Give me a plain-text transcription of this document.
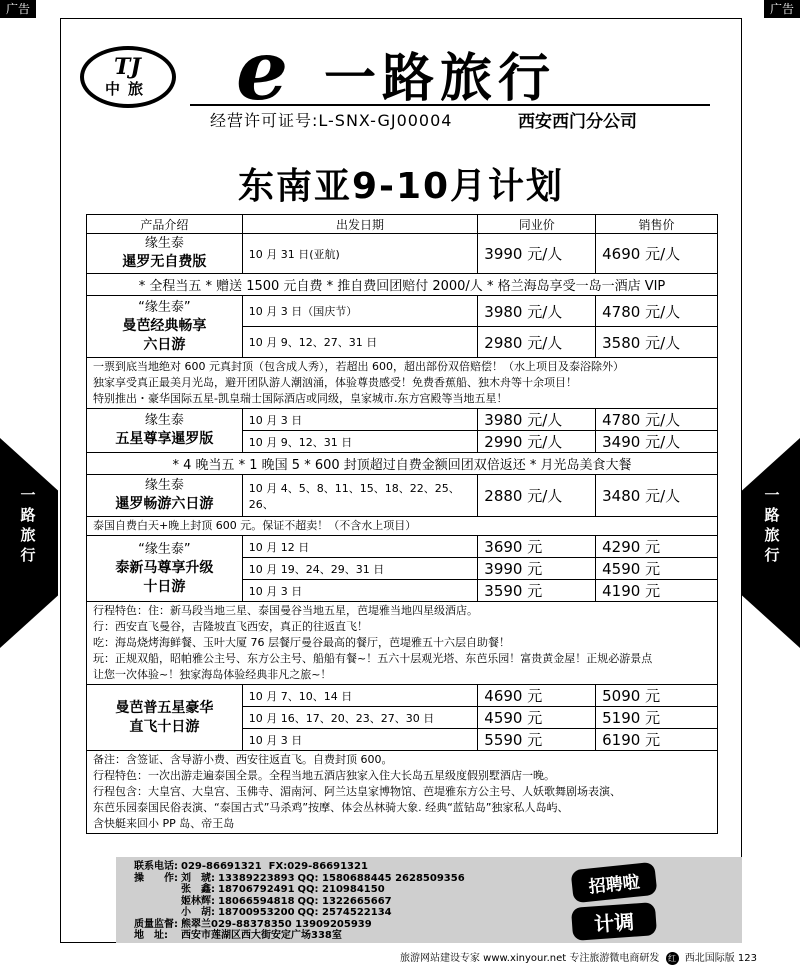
广告	广告
TJ
中旅 e 一路旅行
经营许可证号:L-SNX-GJ00004	西安西门分公司
东南亚9-10月计划
产品介绍	出发日期	同业价	销售价
缘生泰
暹罗无自费版	10 月 31 日(亚航)	3990 元/人	4690 元/人
* 全程当五 * 赠送 1500 元自费 * 推自费回团赔付 2000/人 * 格兰海岛享受一岛一酒店 VIP			
“缘生泰”
曼芭经典畅享
六日游	10 月 3 日（国庆节）	3980 元/人	4780 元/人
	10 月 9、12、27、31 日	2980 元/人	3580 元/人

一票到底当地绝对 600 元真封顶（包含成人秀），若超出 600，超出部份双倍赔偿！（水上项目及泰浴除外）
独家享受真正最美月光岛，避开团队游人潮汹涌，体验尊贵感受！免费香蕉船、独木舟等十余项目！
特别推出・豪华国际五星-凯皇瑞士国际酒店或同级，皇家城市.东方宫殿等当地五星！			

缘生泰
五星尊享暹罗版	10 月 3 日	3980 元/人	4780 元/人
	10 月 9、12、31 日	2990 元/人	3490 元/人
* 4 晚当五 * 1 晚国 5 * 600 封顶超过自费金额回团双倍返还 * 月光岛美食大餐			
缘生泰
暹罗畅游六日游	10 月 4、5、8、11、15、18、22、25、26、	2880 元/人	3480 元/人
泰国自费白天+晚上封顶 600 元。保证不超卖！（不含水上项目）			
“缘生泰”
泰新马尊享升级
十日游	10 月 12 日	3690 元	4290 元
	10 月 19、24、29、31 日	3990 元	4590 元
	10 月 3 日	3590 元	4190 元

行程特色：住：新马段当地三星、泰国曼谷当地五星，芭堤雅当地四星级酒店。
行：西安直飞曼谷，吉隆坡直飞西安，真正的往返直飞！
吃：海岛烧烤海鲜餐、玉叶大厦 76 层餐厅曼谷最高的餐厅，芭堤雅五十六层自助餐！
玩：正规双船，昭帕雅公主号、东方公主号、船船有餐~！五六十层观光塔、东芭乐园！富贵黄金屋！正规必游景点
让您一次体验~！独家海岛体验经典非凡之旅~！			

曼芭普五星豪华
直飞十日游	10 月 7、10、14 日	4690 元	5090 元
	10 月 16、17、20、23、27、30 日	4590 元	5190 元
	10 月 3 日	5590 元	6190 元

备注：含签证、含导游小费、西安往返直飞。自费封顶 600。
行程特色：一次出游走遍泰国全景。全程当地五酒店独家入住大长岛五星级度假别墅酒店一晚。
行程包含：大皇宫、大皇宫、玉佛寺、湄南河、阿兰达皇家博物馆、芭堤雅东方公主号、人妖歌舞剧场表演、
东芭乐园泰国民俗表演、“泰国古式”马杀鸡”按摩、体会丛林骑大象. 经典“蓝钻岛”独家私人岛屿、
含快艇来回小 PP 岛、帝王岛			
一
路
旅
行
一
路
旅
行
联系电话:	029-86691321 FX:029-86691321		
操　　作:	刘　琥:	13389223893	QQ: 1580688445 2628509356
	张　鑫:	18706792491	QQ: 210984150
	姬林辉:	18066594818	QQ: 1322665667
	小　胡:	18700953200	QQ: 2574522134
质量监督:	熊翠兰029-88378350 13909205939		
地　址:	西安市莲湖区西大街安定广场338室		
招聘啦
计调
旅游网站建设专家 www.xinyour.net 专注旅游微电商研发 红 西北国际版 123
